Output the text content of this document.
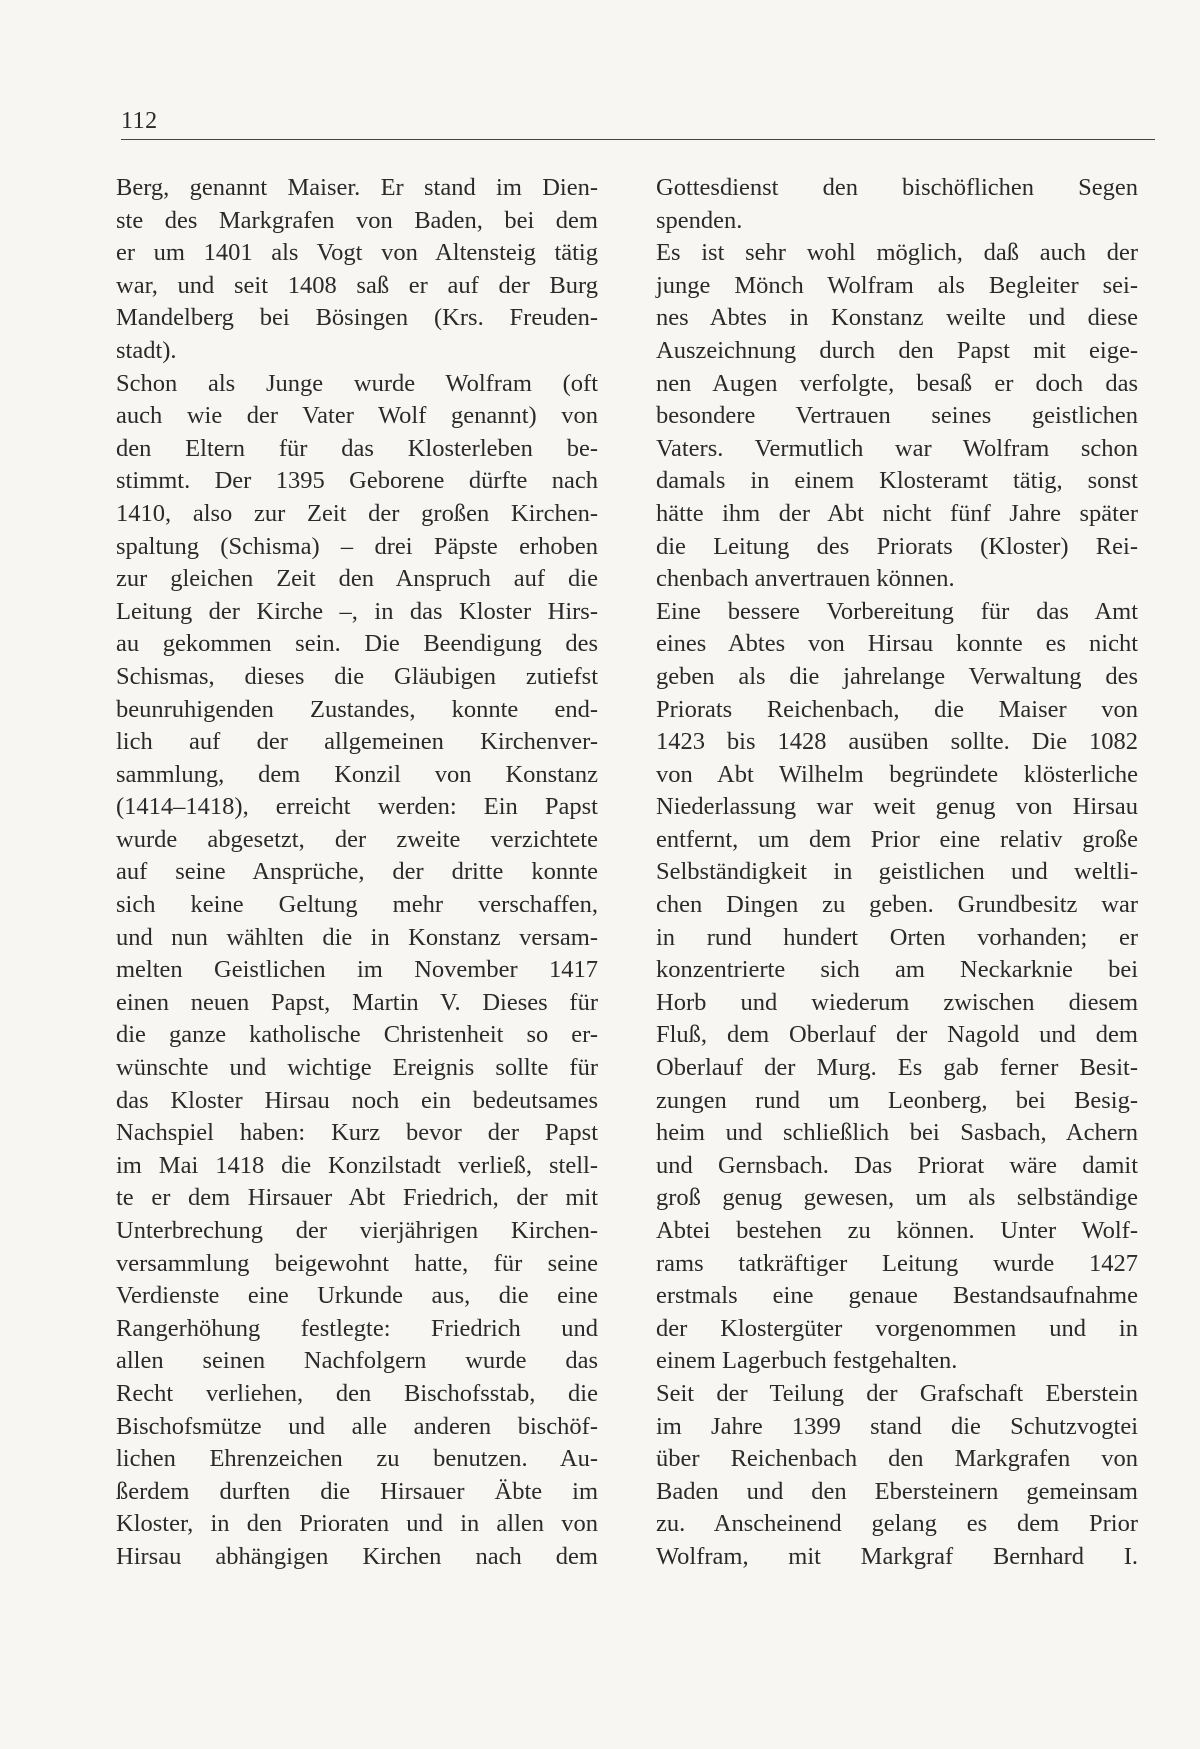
112
Berg, genannt Maiser. Er stand im Dien-
ste des Markgrafen von Baden, bei dem
er um 1401 als Vogt von Altensteig tätig
war, und seit 1408 saß er auf der Burg
Mandelberg bei Bösingen (Krs. Freuden-
stadt).
Schon als Junge wurde Wolfram (oft
auch wie der Vater Wolf genannt) von
den Eltern für das Klosterleben be-
stimmt. Der 1395 Geborene dürfte nach
1410, also zur Zeit der großen Kirchen-
spaltung (Schisma) – drei Päpste erhoben
zur gleichen Zeit den Anspruch auf die
Leitung der Kirche –, in das Kloster Hirs-
au gekommen sein. Die Beendigung des
Schismas, dieses die Gläubigen zutiefst
beunruhigenden Zustandes, konnte end-
lich auf der allgemeinen Kirchenver-
sammlung, dem Konzil von Konstanz
(1414–1418), erreicht werden: Ein Papst
wurde abgesetzt, der zweite verzichtete
auf seine Ansprüche, der dritte konnte
sich keine Geltung mehr verschaffen,
und nun wählten die in Konstanz versam-
melten Geistlichen im November 1417
einen neuen Papst, Martin V. Dieses für
die ganze katholische Christenheit so er-
wünschte und wichtige Ereignis sollte für
das Kloster Hirsau noch ein bedeutsames
Nachspiel haben: Kurz bevor der Papst
im Mai 1418 die Konzilstadt verließ, stell-
te er dem Hirsauer Abt Friedrich, der mit
Unterbrechung der vierjährigen Kirchen-
versammlung beigewohnt hatte, für seine
Verdienste eine Urkunde aus, die eine
Rangerhöhung festlegte: Friedrich und
allen seinen Nachfolgern wurde das
Recht verliehen, den Bischofsstab, die
Bischofsmütze und alle anderen bischöf-
lichen Ehrenzeichen zu benutzen. Au-
ßerdem durften die Hirsauer Äbte im
Kloster, in den Prioraten und in allen von
Hirsau abhängigen Kirchen nach dem
Gottesdienst den bischöflichen Segen
spenden.
Es ist sehr wohl möglich, daß auch der
junge Mönch Wolfram als Begleiter sei-
nes Abtes in Konstanz weilte und diese
Auszeichnung durch den Papst mit eige-
nen Augen verfolgte, besaß er doch das
besondere Vertrauen seines geistlichen
Vaters. Vermutlich war Wolfram schon
damals in einem Klosteramt tätig, sonst
hätte ihm der Abt nicht fünf Jahre später
die Leitung des Priorats (Kloster) Rei-
chenbach anvertrauen können.
Eine bessere Vorbereitung für das Amt
eines Abtes von Hirsau konnte es nicht
geben als die jahrelange Verwaltung des
Priorats Reichenbach, die Maiser von
1423 bis 1428 ausüben sollte. Die 1082
von Abt Wilhelm begründete klösterliche
Niederlassung war weit genug von Hirsau
entfernt, um dem Prior eine relativ große
Selbständigkeit in geistlichen und weltli-
chen Dingen zu geben. Grundbesitz war
in rund hundert Orten vorhanden; er
konzentrierte sich am Neckarknie bei
Horb und wiederum zwischen diesem
Fluß, dem Oberlauf der Nagold und dem
Oberlauf der Murg. Es gab ferner Besit-
zungen rund um Leonberg, bei Besig-
heim und schließlich bei Sasbach, Achern
und Gernsbach. Das Priorat wäre damit
groß genug gewesen, um als selbständige
Abtei bestehen zu können. Unter Wolf-
rams tatkräftiger Leitung wurde 1427
erstmals eine genaue Bestandsaufnahme
der Klostergüter vorgenommen und in
einem Lagerbuch festgehalten.
Seit der Teilung der Grafschaft Eberstein
im Jahre 1399 stand die Schutzvogtei
über Reichenbach den Markgrafen von
Baden und den Ebersteinern gemeinsam
zu. Anscheinend gelang es dem Prior
Wolfram, mit Markgraf Bernhard I.
